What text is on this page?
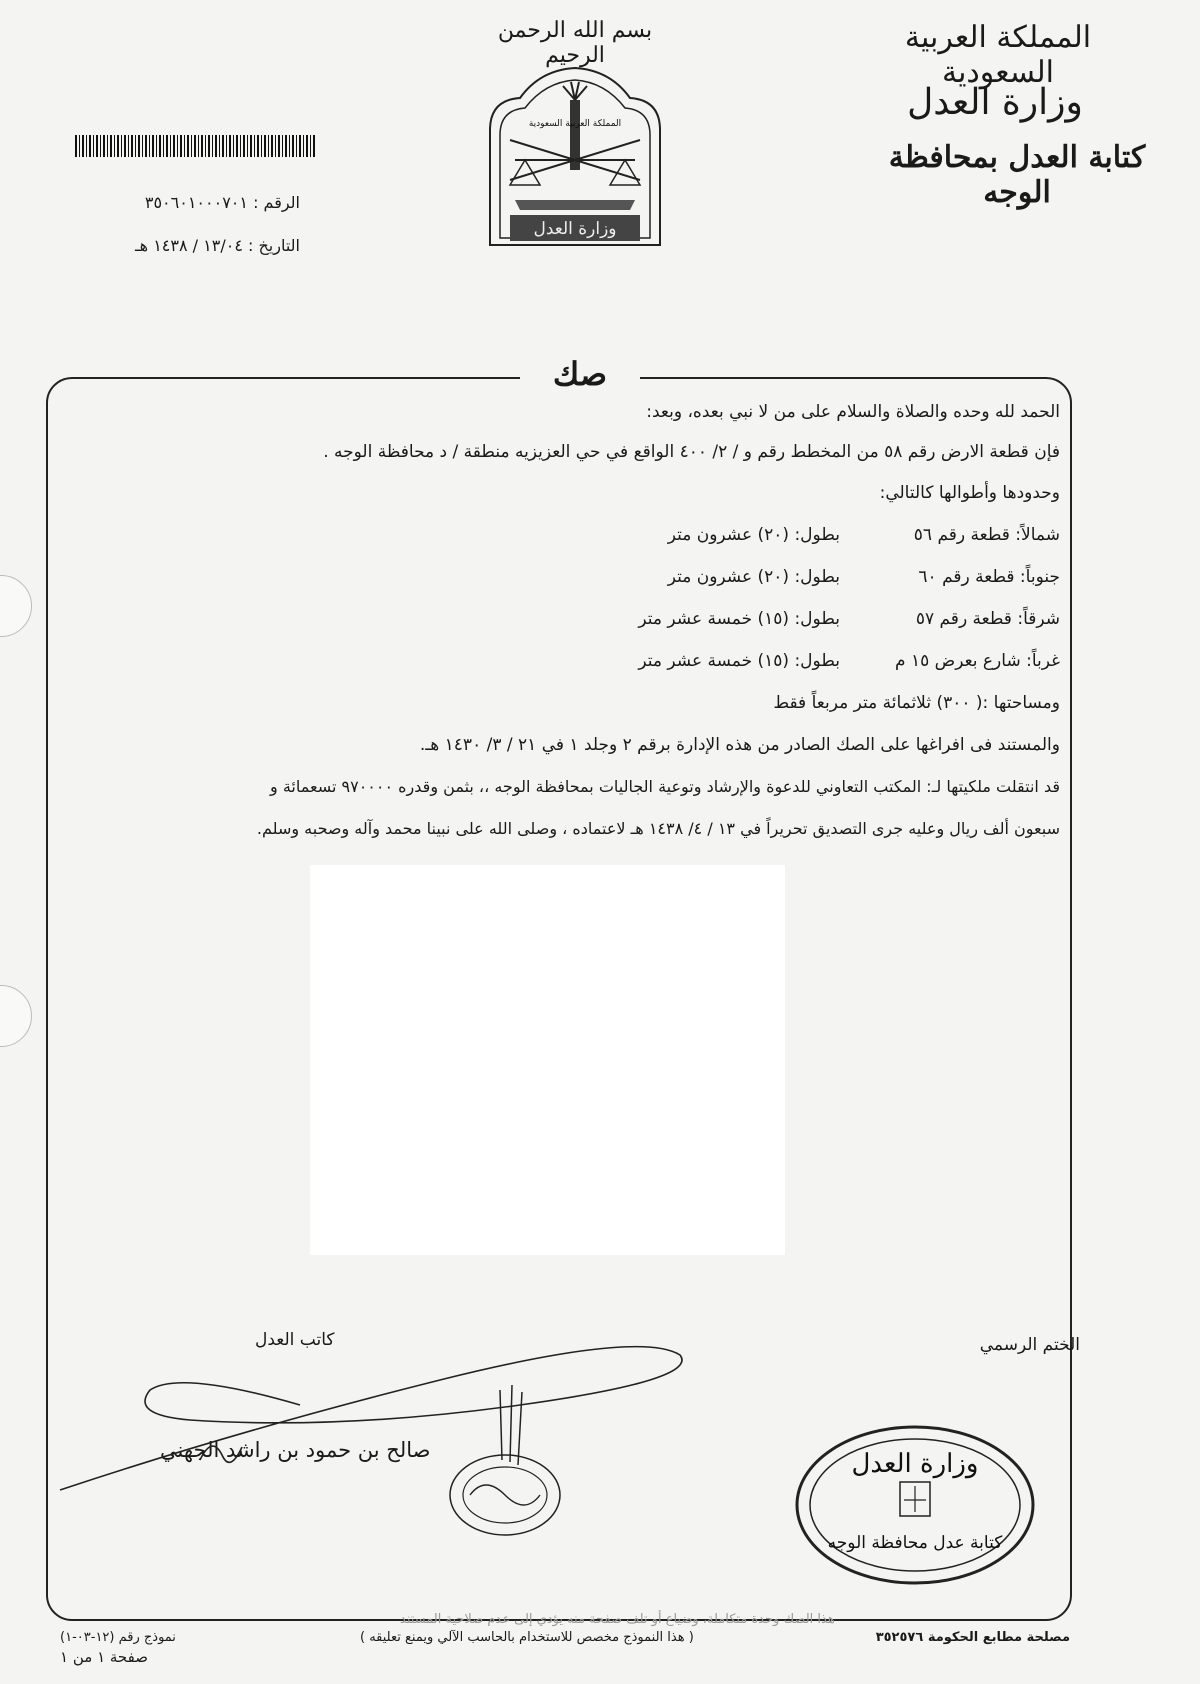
المملكة العربية السعودية
وزارة العدل
كتابة العدل بمحافظة الوجه
بسم الله الرحمن الرحيم
المملكة العربية السعودية
وزارة العدل
الرقم : ٣٥٠٦٠١٠٠٠٧٠١
التاريخ : ١٣/٠٤ / ١٤٣٨ هـ
صك
الحمد لله وحده والصلاة والسلام على من لا نبي بعده، وبعد:
فإن قطعة الارض رقم ٥٨ من المخطط رقم و / ٢/ ٤٠٠ الواقع في حي العزيزيه منطقة / د محافظة الوجه .
وحدودها وأطوالها كالتالي:
شمالاً: قطعة رقم ٥٦
بطول: (٢٠) عشرون متر
جنوباً: قطعة رقم ٦٠
بطول: (٢٠) عشرون متر
شرقاً: قطعة رقم ٥٧
بطول: (١٥) خمسة عشر متر
غرباً: شارع بعرض ١٥ م
بطول: (١٥) خمسة عشر متر
ومساحتها :( ٣٠٠) ثلاثمائة متر مربعاً فقط
والمستند فى افراغها على الصك الصادر من هذه الإدارة برقم ٢ وجلد ١ في ٢١ / ٣/ ١٤٣٠ هـ.
قد انتقلت ملكيتها لـ: المكتب التعاوني للدعوة والإرشاد وتوعية الجاليات بمحافظة الوجه ،، بثمن وقدره ٩٧٠٠٠٠ تسعمائة و
سبعون ألف ريال وعليه جرى التصديق تحريراً في ١٣ / ٤/ ١٤٣٨ هـ لاعتماده ، وصلى الله على نبينا محمد وآله وصحبه وسلم.
الختم الرسمي
كاتب العدل
صالح بن حمود بن راشد الجهني	وزارة العدل
كتابة عدل محافظة الوجه
هذا الصك وحدة متكاملة، وضياع أو تلف صفحة منه يؤدي إلى عدم صلاحية المستند
مصلحة مطابع الحكومة ٣٥٢٥٧٦
( هذا النموذج مخصص للاستخدام بالحاسب الآلي ويمنع تعليقه )
نموذج رقم (١٢-٠٣-١)
صفحة ١ من ١
